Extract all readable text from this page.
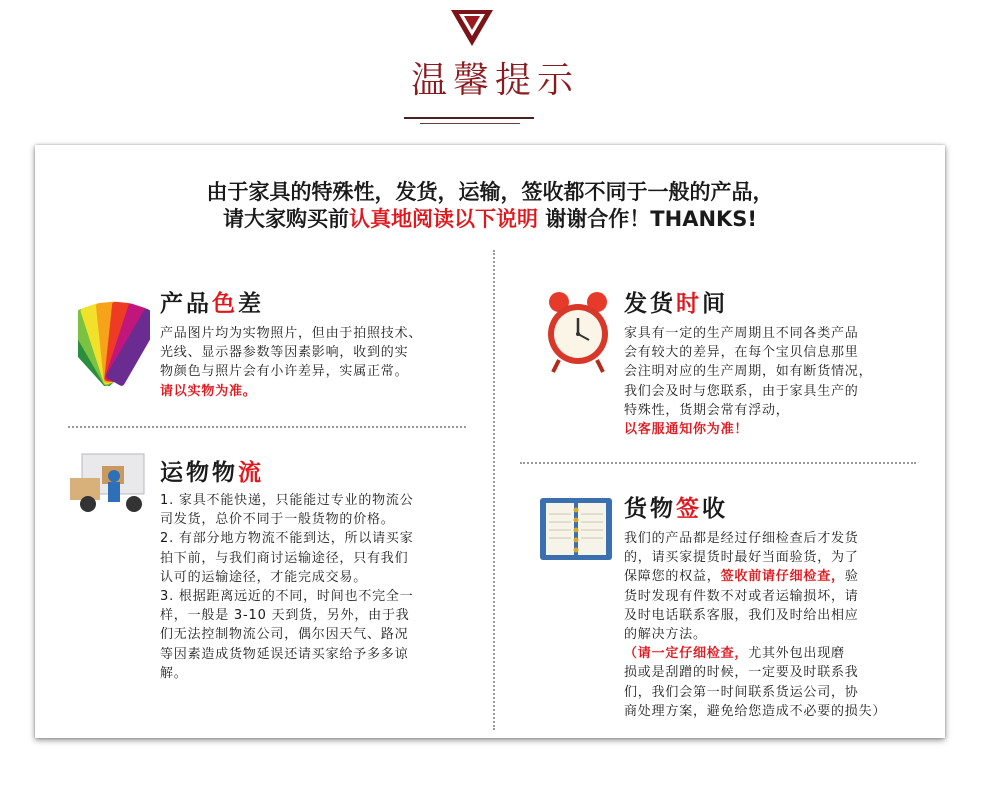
温馨提示
由于家具的特殊性，发货，运输，签收都不同于一般的产品，
请大家购买前认真地阅读以下说明 谢谢合作！THANKS!
产品色差

产品图片均为实物照片，但由于拍照技术、

光线、显示器参数等因素影响，收到的实

物颜色与照片会有小许差异，实属正常。

请以实物为准。

发货时间

家具有一定的生产周期且不同各类产品

会有较大的差异，在每个宝贝信息那里

会注明对应的生产周期，如有断货情况，

我们会及时与您联系，由于家具生产的

特殊性，货期会常有浮动，

以客服通知你为准！

运物物流

1. 家具不能快递，只能能过专业的物流公

司发货，总价不同于一般货物的价格。

2. 有部分地方物流不能到达，所以请买家

拍下前，与我们商讨运输途径，只有我们

认可的运输途径，才能完成交易。

3. 根据距离远近的不同，时间也不完全一

样，一般是 3-10 天到货，另外，由于我

们无法控制物流公司，偶尔因天气、路况

等因素造成货物延误还请买家给予多多谅

解。

货物签收

我们的产品都是经过仔细检查后才发货

的，请买家提货时最好当面验货，为了

保障您的权益，签收前请仔细检查，验

货时发现有件数不对或者运输损坏，请

及时电话联系客服，我们及时给出相应

的解决方法。

（请一定仔细检查，尤其外包出现磨

损或是刮蹭的时候，一定要及时联系我

们，我们会第一时间联系货运公司，协

商处理方案，避免给您造成不必要的损失）
